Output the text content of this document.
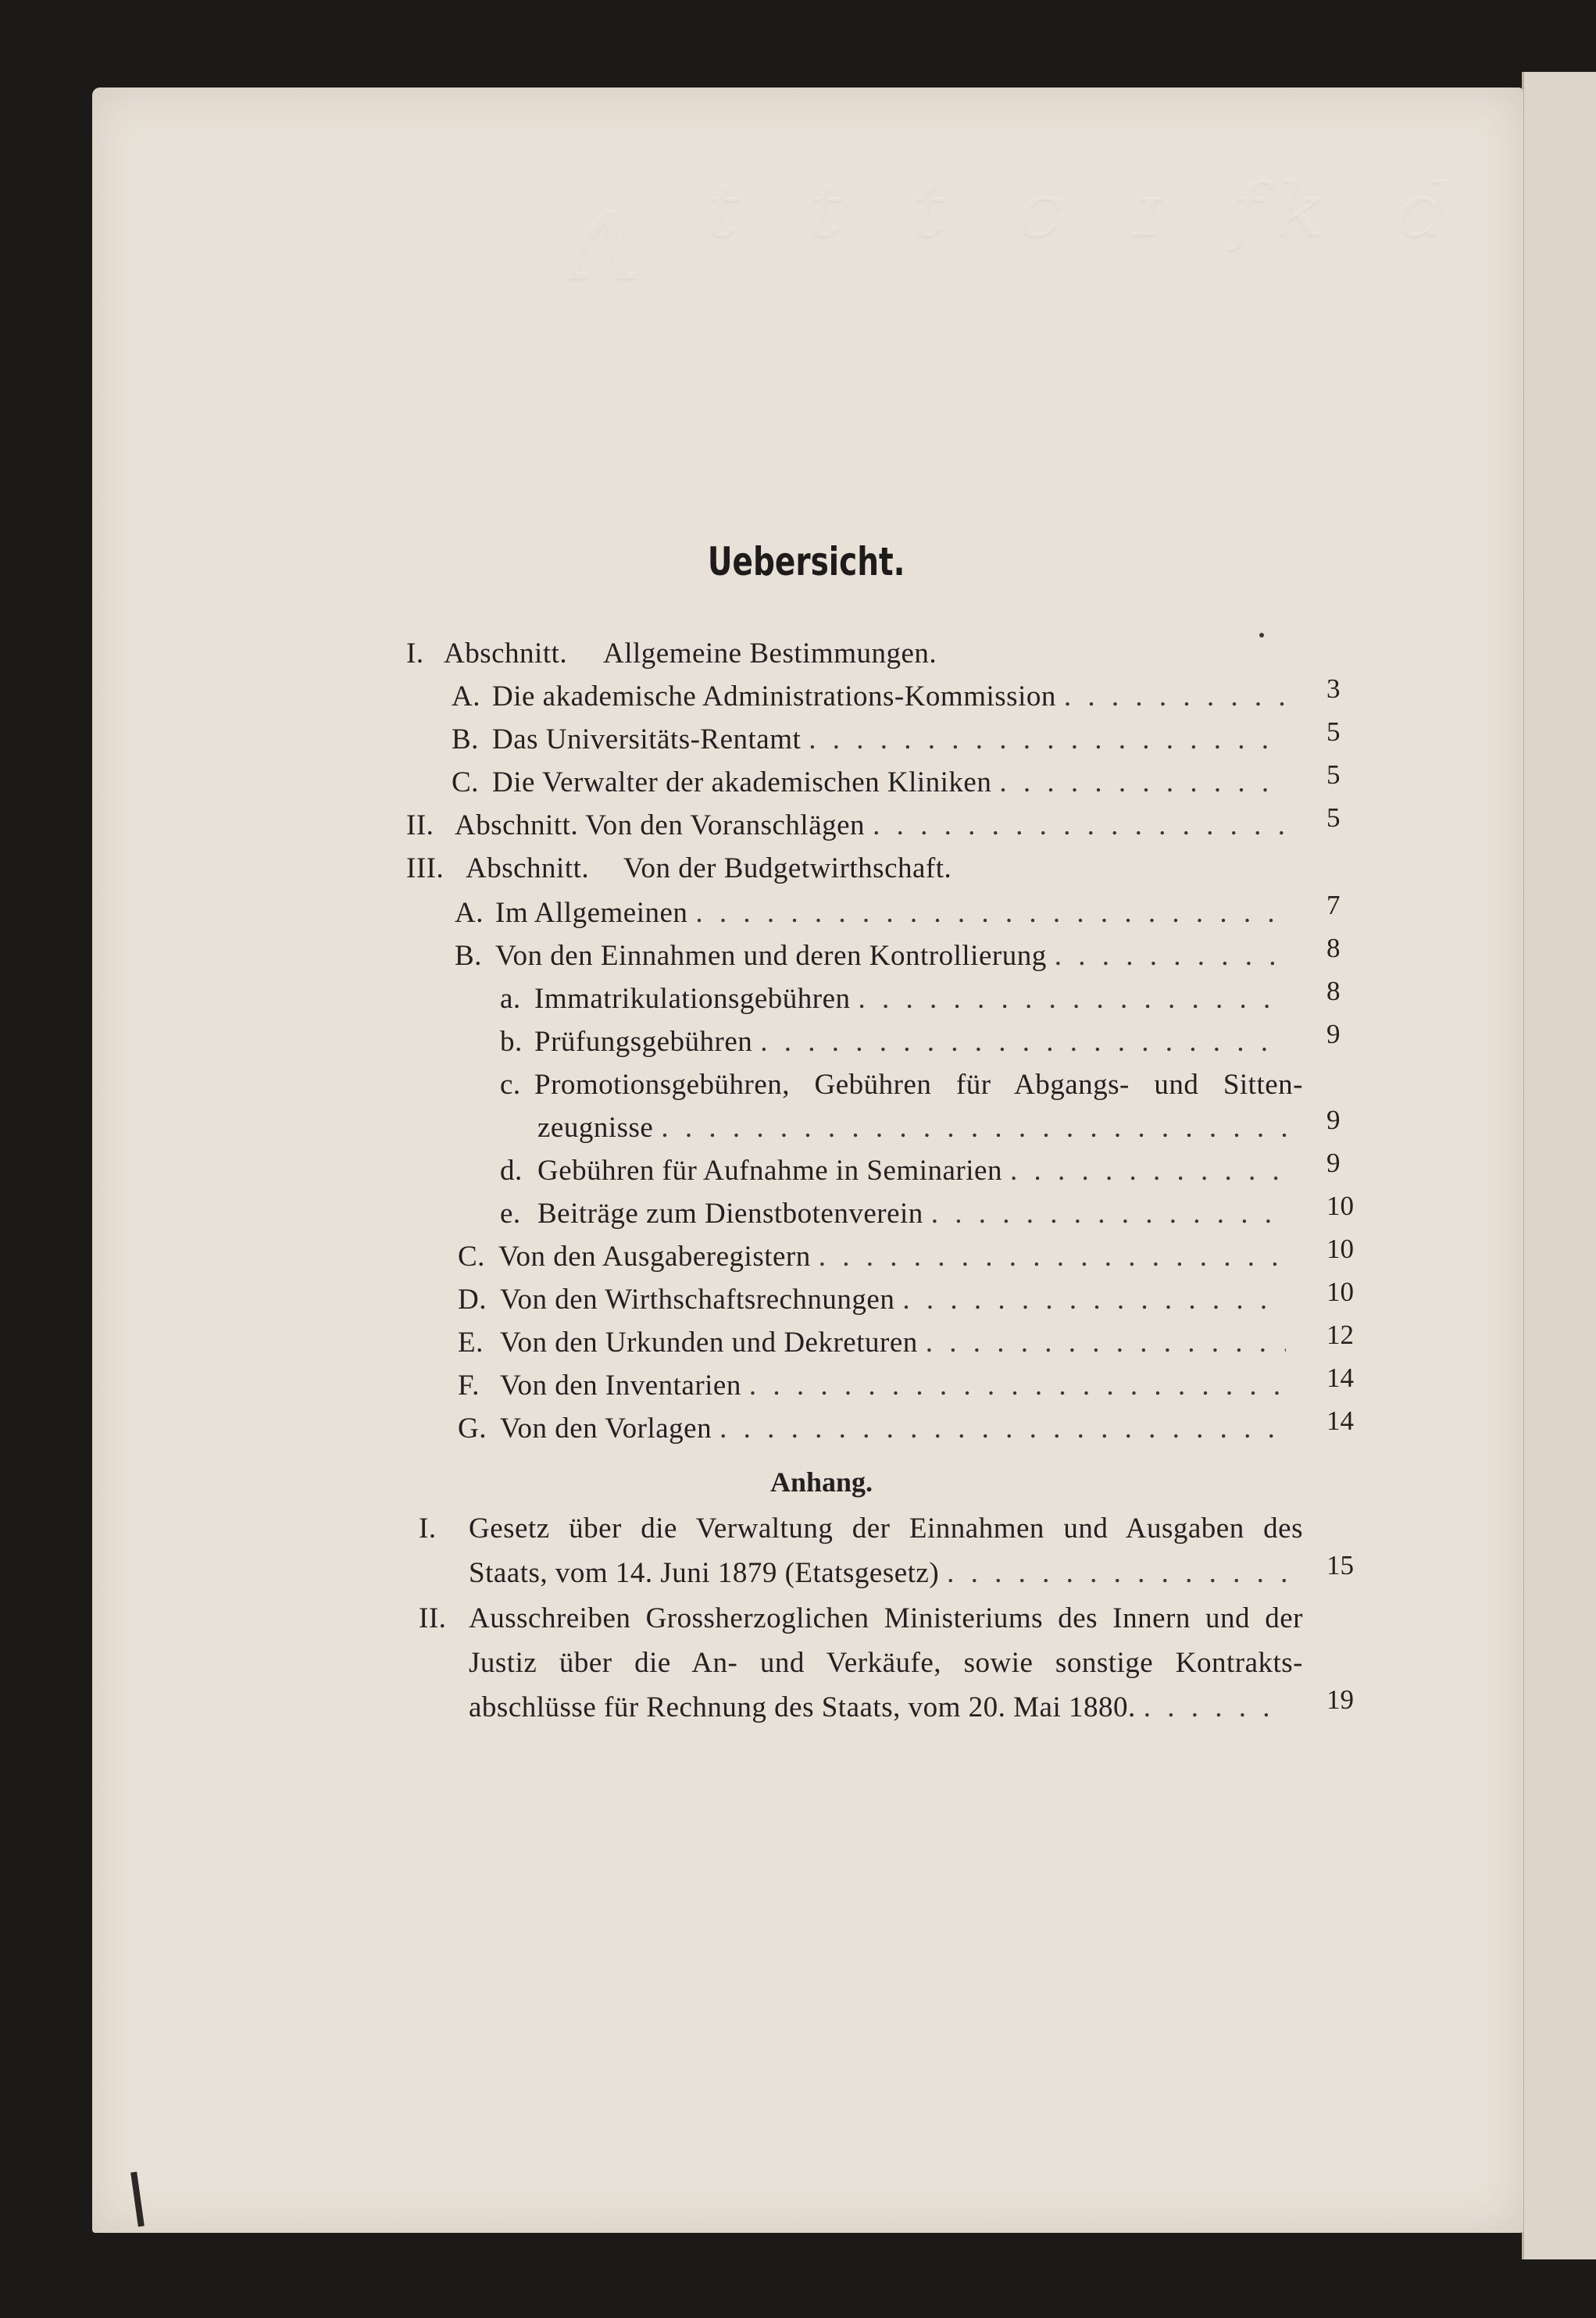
ʌ ᵗ ᵗ ᵗ ᶜ ᶦ ᶠᵏ ᵈ
Uebersicht.
I. Abschnitt. Allgemeine Bestimmungen.
A. Die akademische Administrations-Kommission . . .	3
B. Das Universitäts-Rentamt . . .	5
C. Die Verwalter der akademischen Kliniken . . .	5
II. Abschnitt. Von den Voranschlägen . . .	5
III. Abschnitt. Von der Budgetwirthschaft.
A. Im Allgemeinen . . .	7
B. Von den Einnahmen und deren Kontrollierung . . .	8
a. Immatrikulationsgebühren . . .	8
b. Prüfungsgebühren . . .	9
c. Promotionsgebühren, Gebühren für Abgangs- und Sitten-
zeugnisse . . .	9
d. Gebühren für Aufnahme in Seminarien . . .	9
e. Beiträge zum Dienstbotenverein . . .	10
C. Von den Ausgaberegistern . . .	10
D. Von den Wirthschaftsrechnungen . . .	10
E. Von den Urkunden und Dekreturen . . .	12
F. Von den Inventarien . . .	14
G. Von den Vorlagen . . .	14
Anhang.
I. Gesetz über die Verwaltung der Einnahmen und Ausgaben des
Staats, vom 14. Juni 1879 (Etatsgesetz) . . .	15
II. Ausschreiben Grossherzoglichen Ministeriums des Innern und der
Justiz über die An- und Verkäufe, sowie sonstige Kontrakts-
abschlüsse für Rechnung des Staats, vom 20. Mai 1880. . . .	19
